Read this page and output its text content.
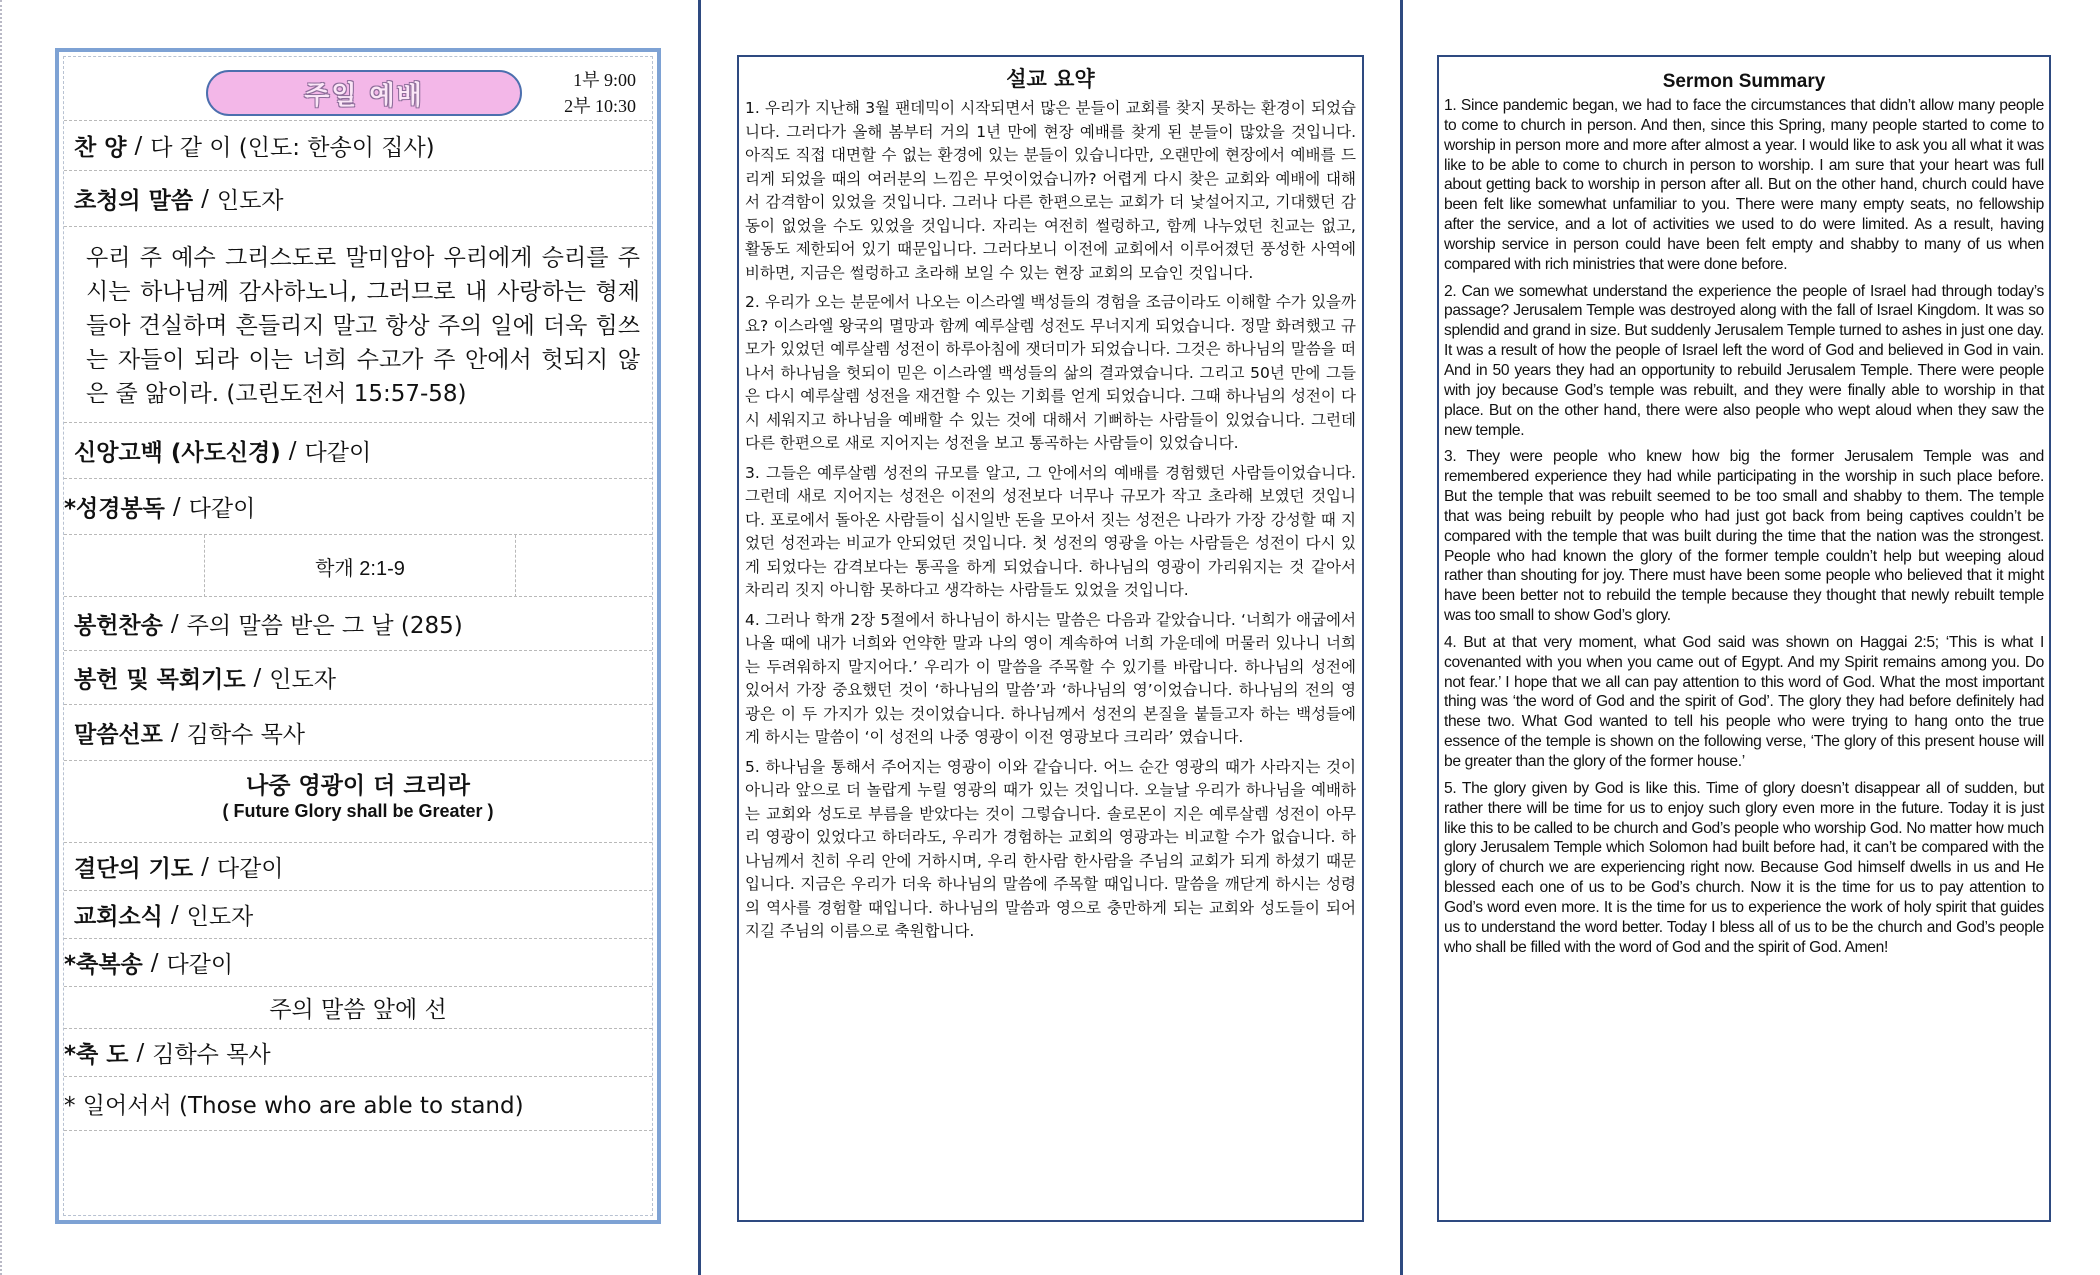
주일 예배
1부 9:00
2부 10:30
찬 양 / 다 같 이 (인도: 한송이 집사)
초청의 말씀 / 인도자
우리 주 예수 그리스도로 말미암아 우리에게 승리를 주시는 하나님께 감사하노니, 그러므로 내 사랑하는 형제들아 견실하며 흔들리지 말고 항상 주의 일에 더욱 힘쓰는 자들이 되라 이는 너희 수고가 주 안에서 헛되지 않은 줄 앎이라. (고린도전서 15:57-58)
신앙고백 (사도신경) / 다같이
*성경봉독 / 다같이
학개 2:1-9
봉헌찬송 / 주의 말씀 받은 그 날 (285)
봉헌 및 목회기도 / 인도자
말씀선포 / 김학수 목사
나중 영광이 더 크리라
( Future Glory shall be Greater )
결단의 기도 / 다같이
교회소식 / 인도자
*축복송 / 다같이
주의 말씀 앞에 선
*축 도 / 김학수 목사
* 일어서서 (Those who are able to stand)
설교 요약

1. 우리가 지난해 3월 팬데믹이 시작되면서 많은 분들이 교회를 찾지 못하는 환경이 되었습니다. 그러다가 올해 봄부터 거의 1년 만에 현장 예배를 찾게 된 분들이 많았을 것입니다. 아직도 직접 대면할 수 없는 환경에 있는 분들이 있습니다만, 오랜만에 현장에서 예배를 드리게 되었을 때의 여러분의 느낌은 무엇이었습니까? 어렵게 다시 찾은 교회와 예배에 대해서 감격함이 있었을 것입니다. 그러나 다른 한편으로는 교회가 더 낯설어지고, 기대했던 감동이 없었을 수도 있었을 것입니다. 자리는 여전히 썰렁하고, 함께 나누었던 친교는 없고, 활동도 제한되어 있기 때문입니다. 그러다보니 이전에 교회에서 이루어졌던 풍성한 사역에 비하면, 지금은 썰렁하고 초라해 보일 수 있는 현장 교회의 모습인 것입니다.

2. 우리가 오는 분문에서 나오는 이스라엘 백성들의 경험을 조금이라도 이해할 수가 있을까요? 이스라엘 왕국의 멸망과 함께 예루살렘 성전도 무너지게 되었습니다. 정말 화려했고 규모가 있었던 예루살렘 성전이 하루아침에 잿더미가 되었습니다. 그것은 하나님의 말씀을 떠나서 하나님을 헛되이 믿은 이스라엘 백성들의 삶의 결과였습니다. 그리고 50년 만에 그들은 다시 예루살렘 성전을 재건할 수 있는 기회를 얻게 되었습니다. 그때 하나님의 성전이 다시 세워지고 하나님을 예배할 수 있는 것에 대해서 기뻐하는 사람들이 있었습니다. 그런데 다른 한편으로 새로 지어지는 성전을 보고 통곡하는 사람들이 있었습니다.

3. 그들은 예루살렘 성전의 규모를 알고, 그 안에서의 예배를 경험했던 사람들이었습니다. 그런데 새로 지어지는 성전은 이전의 성전보다 너무나 규모가 작고 초라해 보였던 것입니다. 포로에서 돌아온 사람들이 십시일반 돈을 모아서 짓는 성전은 나라가 가장 강성할 때 지었던 성전과는 비교가 안되었던 것입니다. 첫 성전의 영광을 아는 사람들은 성전이 다시 있게 되었다는 감격보다는 통곡을 하게 되었습니다. 하나님의 영광이 가리워지는 것 같아서 차리리 짓지 아니함 못하다고 생각하는 사람들도 있었을 것입니다.

4. 그러나 학개 2장 5절에서 하나님이 하시는 말씀은 다음과 같았습니다. ‘너희가 애굽에서 나올 때에 내가 너희와 언약한 말과 나의 영이 계속하여 너희 가운데에 머물러 있나니 너희는 두려워하지 말지어다.’ 우리가 이 말씀을 주목할 수 있기를 바랍니다. 하나님의 성전에 있어서 가장 중요했던 것이 ‘하나님의 말씀’과 ‘하나님의 영’이었습니다. 하나님의 전의 영광은 이 두 가지가 있는 것이었습니다. 하나님께서 성전의 본질을 붙들고자 하는 백성들에게 하시는 말씀이 ‘이 성전의 나중 영광이 이전 영광보다 크리라’ 였습니다.

5. 하나님을 통해서 주어지는 영광이 이와 같습니다. 어느 순간 영광의 때가 사라지는 것이 아니라 앞으로 더 놀랍게 누릴 영광의 때가 있는 것입니다. 오늘날 우리가 하나님을 예배하는 교회와 성도로 부름을 받았다는 것이 그렇습니다. 솔로몬이 지은 예루살렘 성전이 아무리 영광이 있었다고 하더라도, 우리가 경험하는 교회의 영광과는 비교할 수가 없습니다. 하나님께서 친히 우리 안에 거하시며, 우리 한사람 한사람을 주님의 교회가 되게 하셨기 때문입니다. 지금은 우리가 더욱 하나님의 말씀에 주목할 때입니다. 말씀을 깨닫게 하시는 성령의 역사를 경험할 때입니다. 하나님의 말씀과 영으로 충만하게 되는 교회와 성도들이 되어지길 주님의 이름으로 축원합니다.

Sermon Summary

1. Since pandemic began, we had to face the circumstances that didn’t allow many people to come to church in person. And then, since this Spring, many people started to come to worship in person more and more after almost a year. I would like to ask you all what it was like to be able to come to church in person to worship. I am sure that your heart was full about getting back to worship in person after all. But on the other hand, church could have been felt like somewhat unfamiliar to you. There were many empty seats, no fellowship after the service, and a lot of activities we used to do were limited. As a result, having worship service in person could have been felt empty and shabby to many of us when compared with rich ministries that were done before.

2. Can we somewhat understand the experience the people of Israel had through today’s passage? Jerusalem Temple was destroyed along with the fall of Israel Kingdom. It was so splendid and grand in size. But suddenly Jerusalem Temple turned to ashes in just one day. It was a result of how the people of Israel left the word of God and believed in God in vain. And in 50 years they had an opportunity to rebuild Jerusalem Temple. There were people with joy because God’s temple was rebuilt, and they were finally able to worship in that place. But on the other hand, there were also people who wept aloud when they saw the new temple.

3. They were people who knew how big the former Jerusalem Temple was and remembered experience they had while participating in the worship in such place before. But the temple that was rebuilt seemed to be too small and shabby to them. The temple that was being rebuilt by people who had just got back from being captives couldn’t be compared with the temple that was built during the time that the nation was the strongest. People who had known the glory of the former temple couldn’t help but weeping aloud rather than shouting for joy. There must have been some people who believed that it might have been better not to rebuild the temple because they thought that newly rebuilt temple was too small to show God’s glory.

4. But at that very moment, what God said was shown on Haggai 2:5; ‘This is what I covenanted with you when you came out of Egypt. And my Spirit remains among you. Do not fear.’ I hope that we all can pay attention to this word of God. What the most important thing was ‘the word of God and the spirit of God’. The glory they had before definitely had these two. What God wanted to tell his people who were trying to hang onto the true essence of the temple is shown on the following verse, ‘The glory of this present house will be greater than the glory of the former house.’

5. The glory given by God is like this. Time of glory doesn’t disappear all of sudden, but rather there will be time for us to enjoy such glory even more in the future. Today it is just like this to be called to be church and God’s people who worship God. No matter how much glory Jerusalem Temple which Solomon had built before had, it can’t be compared with the glory of church we are experiencing right now. Because God himself dwells in us and He blessed each one of us to be God’s church. Now it is the time for us to pay attention to God’s word even more. It is the time for us to experience the work of holy spirit that guides us to understand the word better. Today I bless all of us to be the church and God’s people who shall be filled with the word of God and the spirit of God. Amen!
